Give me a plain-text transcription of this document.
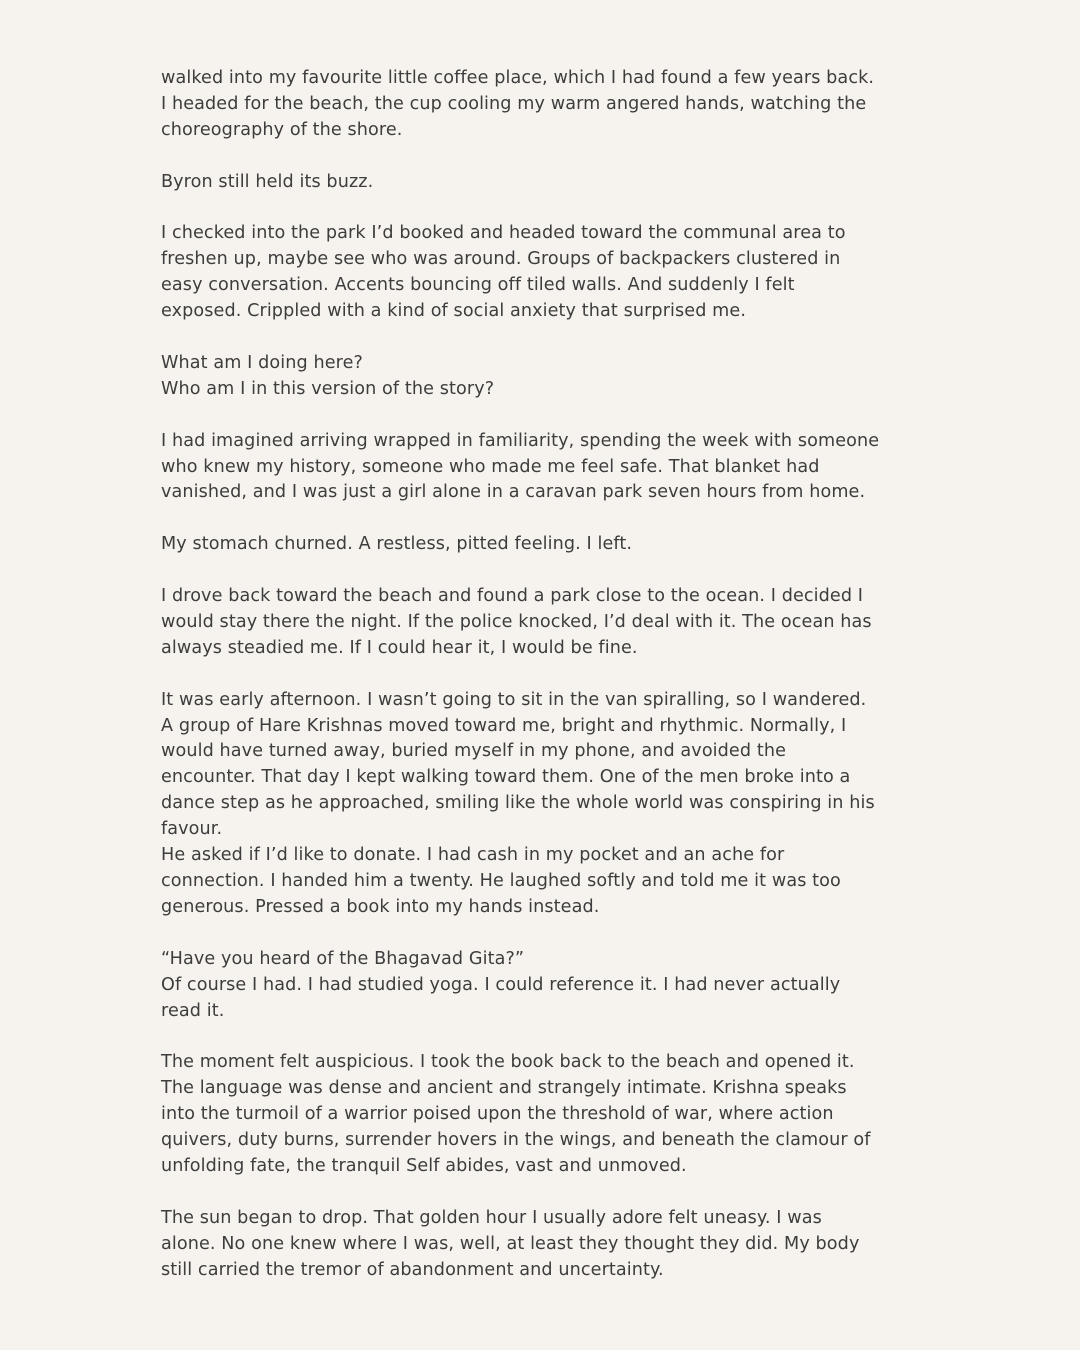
walked into my favourite little coffee place, which I had found a few years back.
I headed for the beach, the cup cooling my warm angered hands, watching the
choreography of the shore.

Byron still held its buzz.

I checked into the park I’d booked and headed toward the communal area to
freshen up, maybe see who was around. Groups of backpackers clustered in
easy conversation. Accents bouncing off tiled walls. And suddenly I felt
exposed. Crippled with a kind of social anxiety that surprised me.

What am I doing here?
Who am I in this version of the story?

I had imagined arriving wrapped in familiarity, spending the week with someone
who knew my history, someone who made me feel safe. That blanket had
vanished, and I was just a girl alone in a caravan park seven hours from home.

My stomach churned. A restless, pitted feeling. I left.

I drove back toward the beach and found a park close to the ocean. I decided I
would stay there the night. If the police knocked, I’d deal with it. The ocean has
always steadied me. If I could hear it, I would be fine.

It was early afternoon. I wasn’t going to sit in the van spiralling, so I wandered.
A group of Hare Krishnas moved toward me, bright and rhythmic. Normally, I
would have turned away, buried myself in my phone, and avoided the
encounter. That day I kept walking toward them. One of the men broke into a
dance step as he approached, smiling like the whole world was conspiring in his
favour.
He asked if I’d like to donate. I had cash in my pocket and an ache for
connection. I handed him a twenty. He laughed softly and told me it was too
generous. Pressed a book into my hands instead.

“Have you heard of the Bhagavad Gita?”
Of course I had. I had studied yoga. I could reference it. I had never actually
read it.

The moment felt auspicious. I took the book back to the beach and opened it.
The language was dense and ancient and strangely intimate. Krishna speaks
into the turmoil of a warrior poised upon the threshold of war, where action
quivers, duty burns, surrender hovers in the wings, and beneath the clamour of
unfolding fate, the tranquil Self abides, vast and unmoved.

The sun began to drop. That golden hour I usually adore felt uneasy. I was
alone. No one knew where I was, well, at least they thought they did. My body
still carried the tremor of abandonment and uncertainty.
